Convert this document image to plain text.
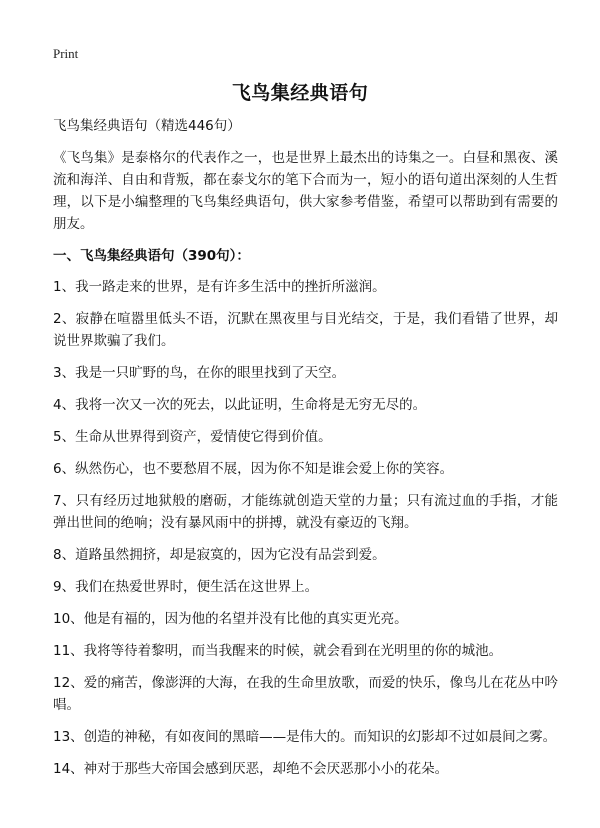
Print
飞鸟集经典语句

飞鸟集经典语句（精选446句）

《飞鸟集》是泰格尔的代表作之一，也是世界上最杰出的诗集之一。白昼和黑夜、溪流和海洋、自由和背叛，都在泰戈尔的笔下合而为一，短小的语句道出深刻的人生哲理，以下是小编整理的飞鸟集经典语句，供大家参考借鉴，希望可以帮助到有需要的朋友。

一、飞鸟集经典语句（390句）：

1、我一路走来的世界，是有许多生活中的挫折所滋润。

2、寂静在喧嚣里低头不语，沉默在黑夜里与目光结交，于是，我们看错了世界，却说世界欺骗了我们。

3、我是一只旷野的鸟，在你的眼里找到了天空。

4、我将一次又一次的死去，以此证明，生命将是无穷无尽的。

5、生命从世界得到资产，爱情使它得到价值。

6、纵然伤心，也不要愁眉不展，因为你不知是谁会爱上你的笑容。

7、只有经历过地狱般的磨砺，才能练就创造天堂的力量；只有流过血的手指，才能弹出世间的绝响；没有暴风雨中的拼搏，就没有豪迈的飞翔。

8、道路虽然拥挤，却是寂寞的，因为它没有品尝到爱。

9、我们在热爱世界时，便生活在这世界上。

10、他是有福的，因为他的名望并没有比他的真实更光亮。

11、我将等待着黎明，而当我醒来的时候，就会看到在光明里的你的城池。

12、爱的痛苦，像澎湃的大海，在我的生命里放歌，而爱的快乐，像鸟儿在花丛中吟唱。

13、创造的神秘，有如夜间的黑暗——是伟大的。而知识的幻影却不过如晨间之雾。

14、神对于那些大帝国会感到厌恶，却绝不会厌恶那小小的花朵。
